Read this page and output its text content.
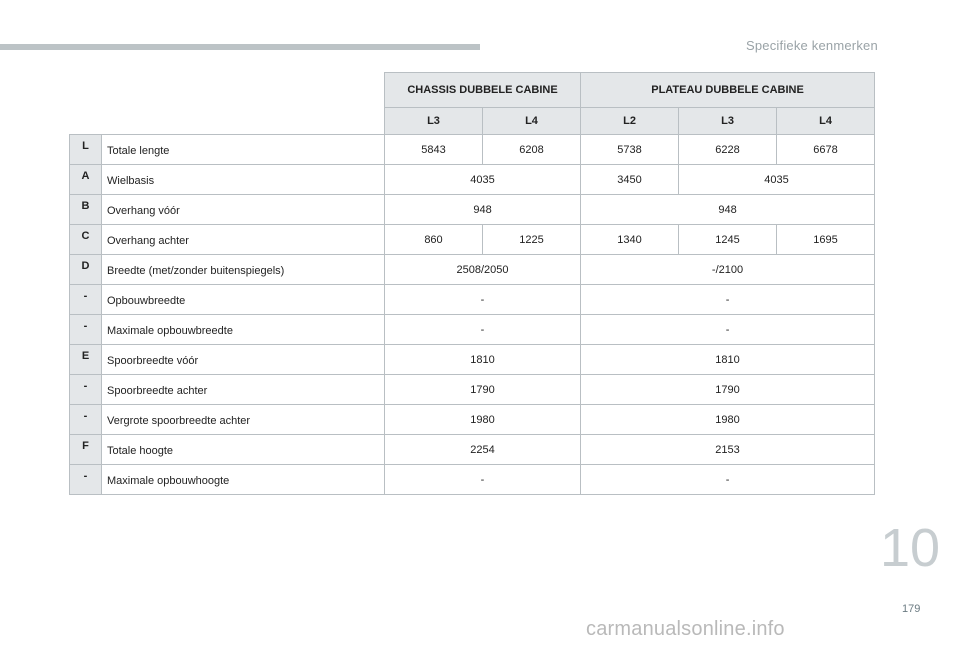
Specifieke kenmerken
		CHASSIS DUBBELE CABINE		PLATEAU DUBBELE CABINE		
		L3	L4	L2	L3	L4
L	Totale lengte	5843	6208	5738	6228	6678
A	Wielbasis	4035		3450	4035	
B	Overhang vóór	948		948		
C	Overhang achter	860	1225	1340	1245	1695
D	Breedte (met/zonder buitenspiegels)	2508/2050		-/2100		
-	Opbouwbreedte	-		-		
-	Maximale opbouwbreedte	-		-		
E	Spoorbreedte vóór	1810		1810		
-	Spoorbreedte achter	1790		1790		
-	Vergrote spoorbreedte achter	1980		1980		
F	Totale hoogte	2254		2153		
-	Maximale opbouwhoogte	-		-		
10
179
carmanualsonline.info
